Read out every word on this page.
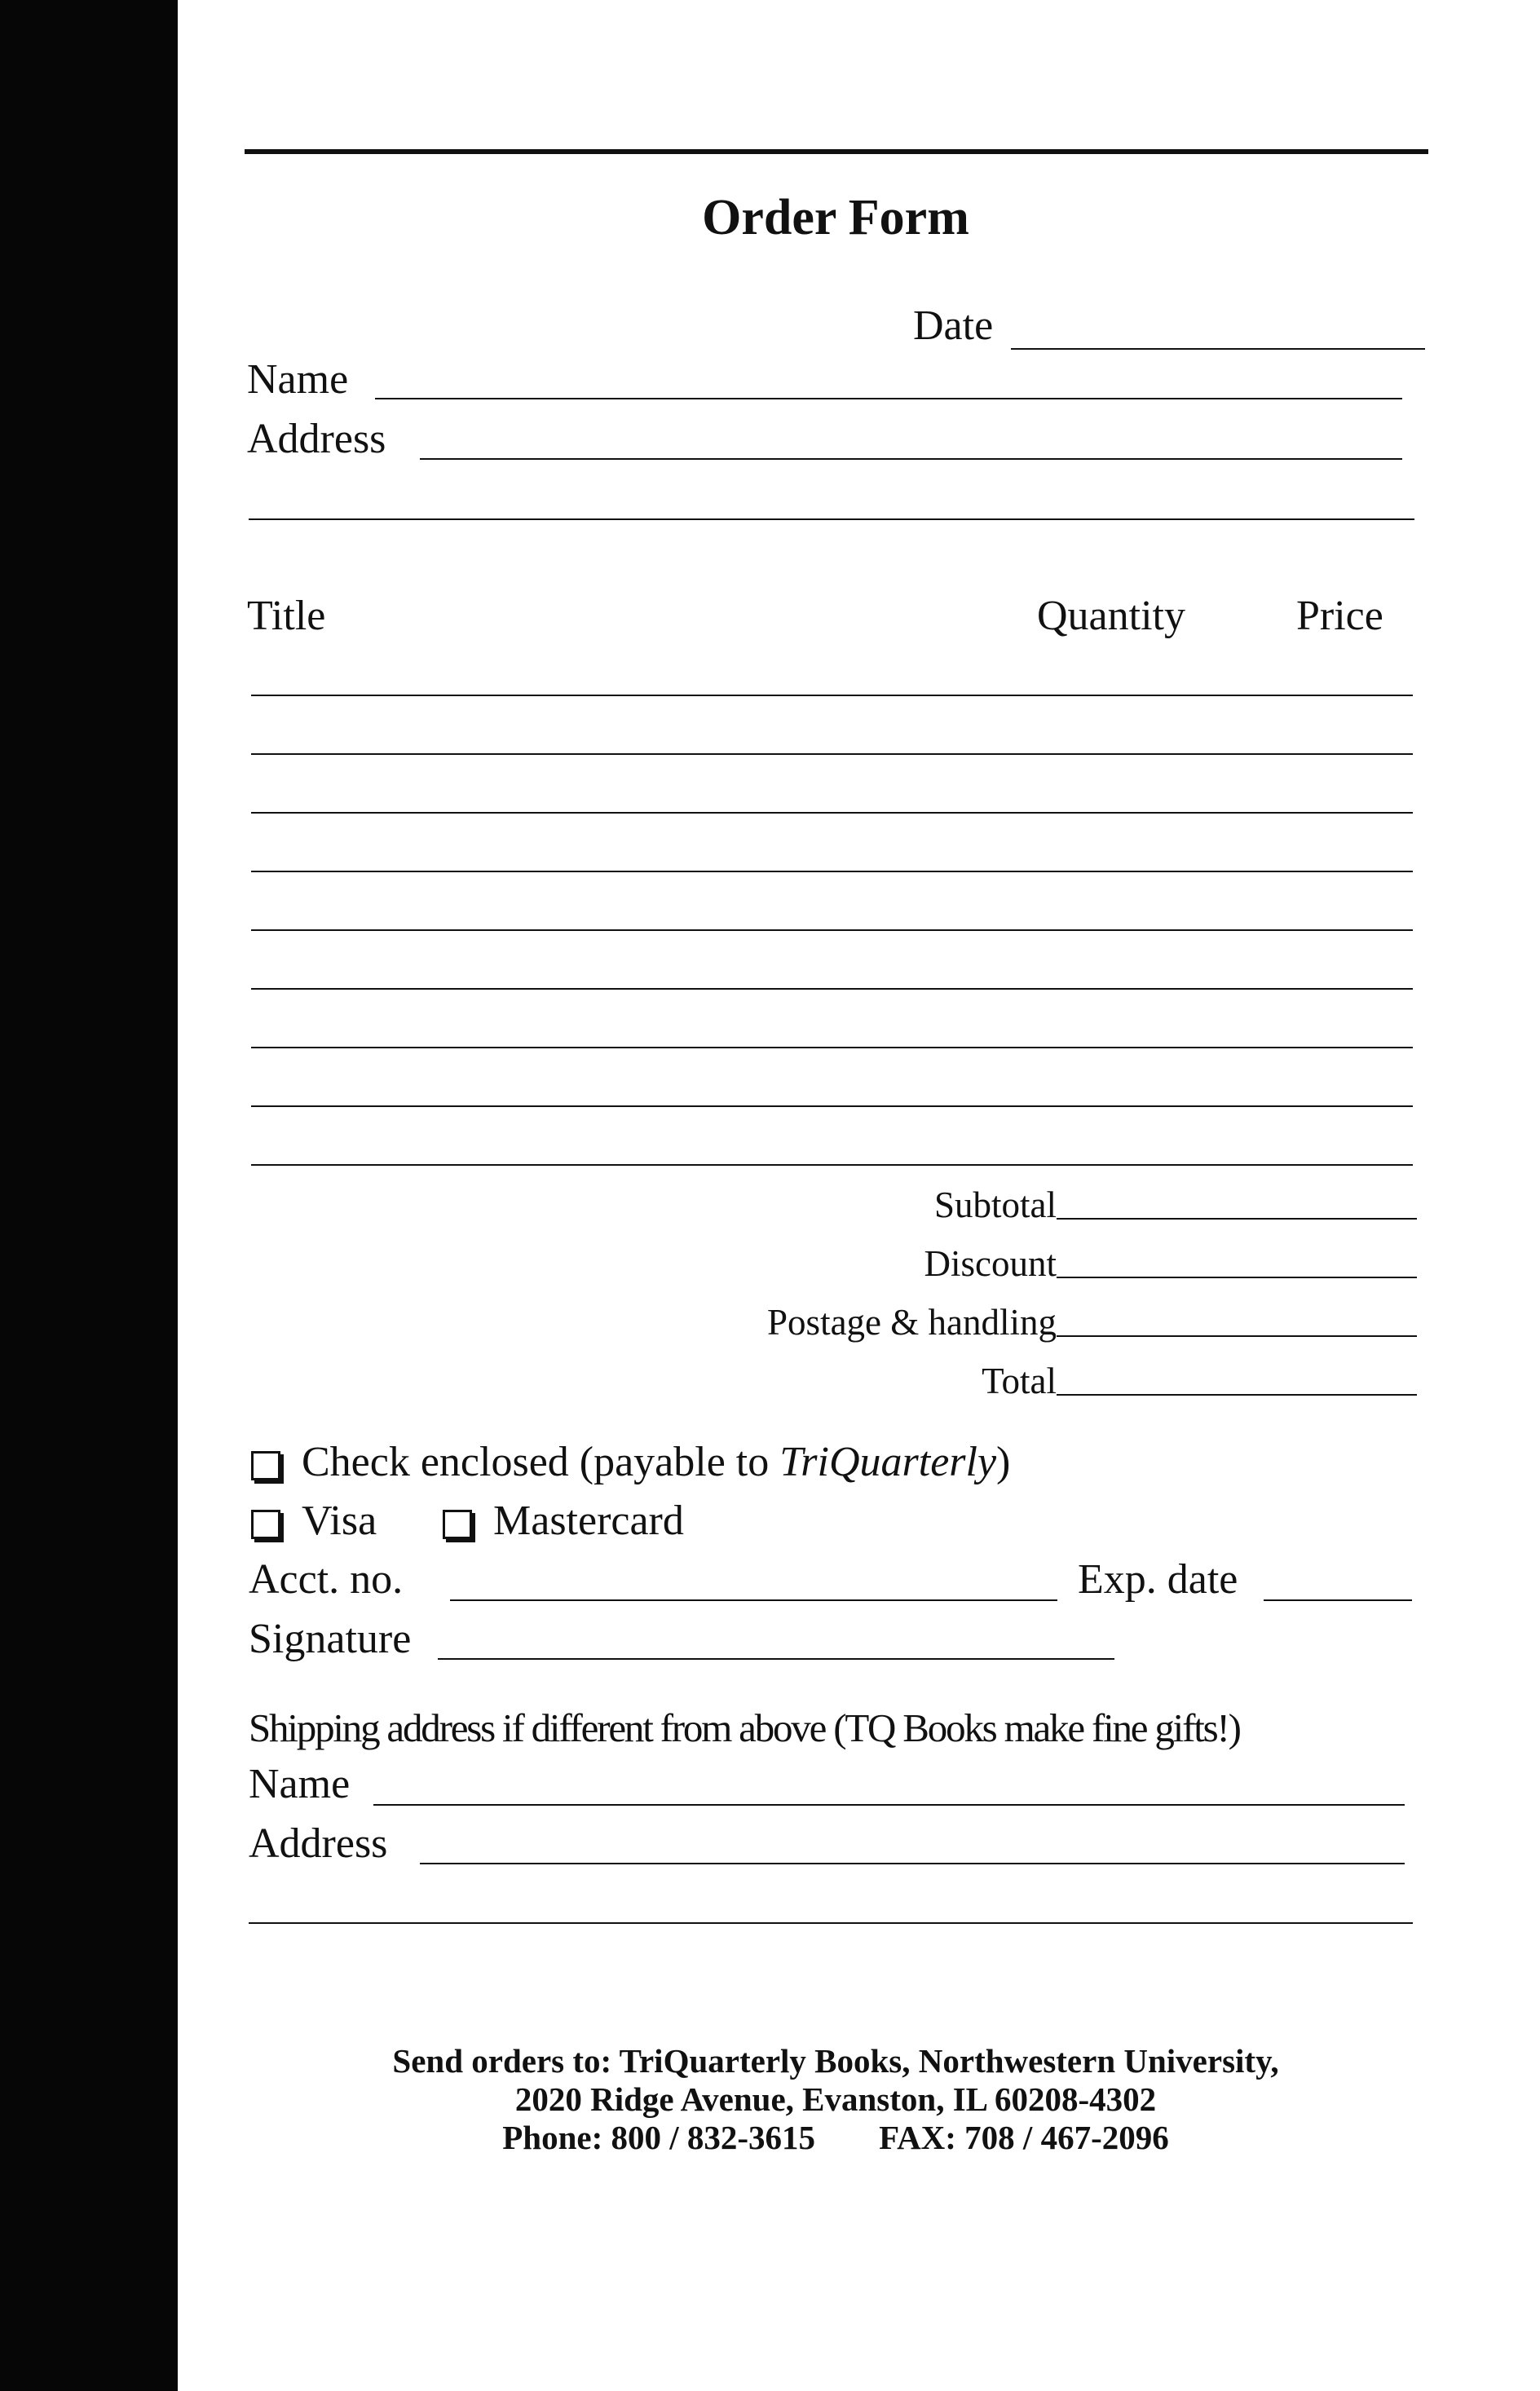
Order Form
Date
Name
Address
Title	Quantity	Price
Subtotal
Discount
Postage & handling
Total
Check enclosed (payable to TriQuarterly)
Visa	Mastercard
Acct. no.	Exp. date
Signature
Shipping address if different from above (TQ Books make fine gifts!)
Name
Address
Send orders to: TriQuarterly Books, Northwestern University,
2020 Ridge Avenue, Evanston, IL 60208-4302
Phone: 800 / 832-3615 FAX: 708 / 467-2096
